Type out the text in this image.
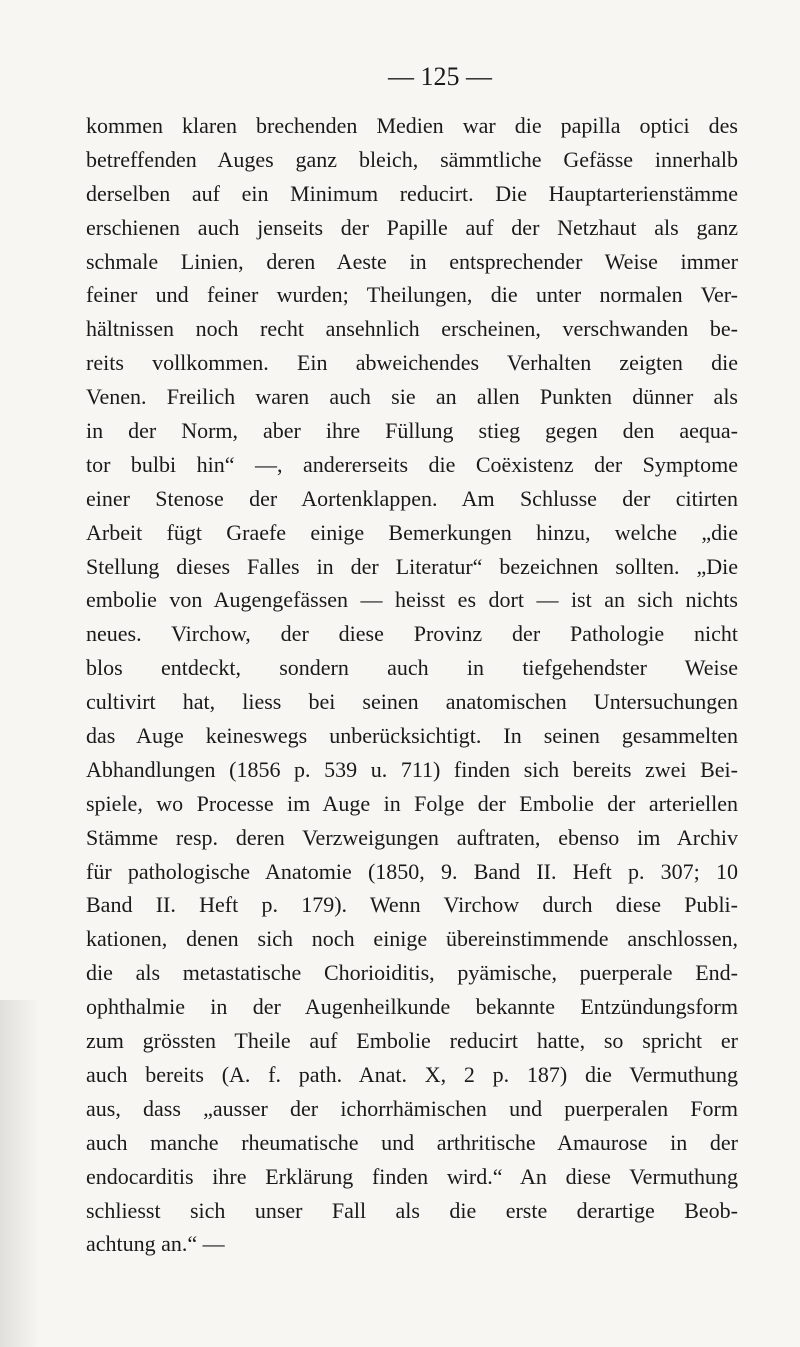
— 125 —
kommen klaren brechenden Medien war die papilla optici des
betreffenden Auges ganz bleich, sämmtliche Gefässe innerhalb
derselben auf ein Minimum reducirt. Die Hauptarterienstämme
erschienen auch jenseits der Papille auf der Netzhaut als ganz
schmale Linien, deren Aeste in entsprechender Weise immer
feiner und feiner wurden; Theilungen, die unter normalen Ver-
hältnissen noch recht ansehnlich erscheinen, verschwanden be-
reits vollkommen. Ein abweichendes Verhalten zeigten die
Venen. Freilich waren auch sie an allen Punkten dünner als
in der Norm, aber ihre Füllung stieg gegen den aequa-
tor bulbi hin“ —, andererseits die Coëxistenz der Symptome
einer Stenose der Aortenklappen. Am Schlusse der citirten
Arbeit fügt Graefe einige Bemerkungen hinzu, welche „die
Stellung dieses Falles in der Literatur“ bezeichnen sollten. „Die
embolie von Augengefässen — heisst es dort — ist an sich nichts
neues. Virchow, der diese Provinz der Pathologie nicht
blos entdeckt, sondern auch in tiefgehendster Weise
cultivirt hat, liess bei seinen anatomischen Untersuchungen
das Auge keineswegs unberücksichtigt. In seinen gesammelten
Abhandlungen (1856 p. 539 u. 711) finden sich bereits zwei Bei-
spiele, wo Processe im Auge in Folge der Embolie der arteriellen
Stämme resp. deren Verzweigungen auftraten, ebenso im Archiv
für pathologische Anatomie (1850, 9. Band II. Heft p. 307; 10
Band II. Heft p. 179). Wenn Virchow durch diese Publi-
kationen, denen sich noch einige übereinstimmende anschlossen,
die als metastatische Chorioiditis, pyämische, puerperale End-
ophthalmie in der Augenheilkunde bekannte Entzündungsform
zum grössten Theile auf Embolie reducirt hatte, so spricht er
auch bereits (A. f. path. Anat. X, 2 p. 187) die Vermuthung
aus, dass „ausser der ichorrhämischen und puerperalen Form
auch manche rheumatische und arthritische Amaurose in der
endocarditis ihre Erklärung finden wird.“ An diese Vermuthung
schliesst sich unser Fall als die erste derartige Beob-
achtung an.“ —
